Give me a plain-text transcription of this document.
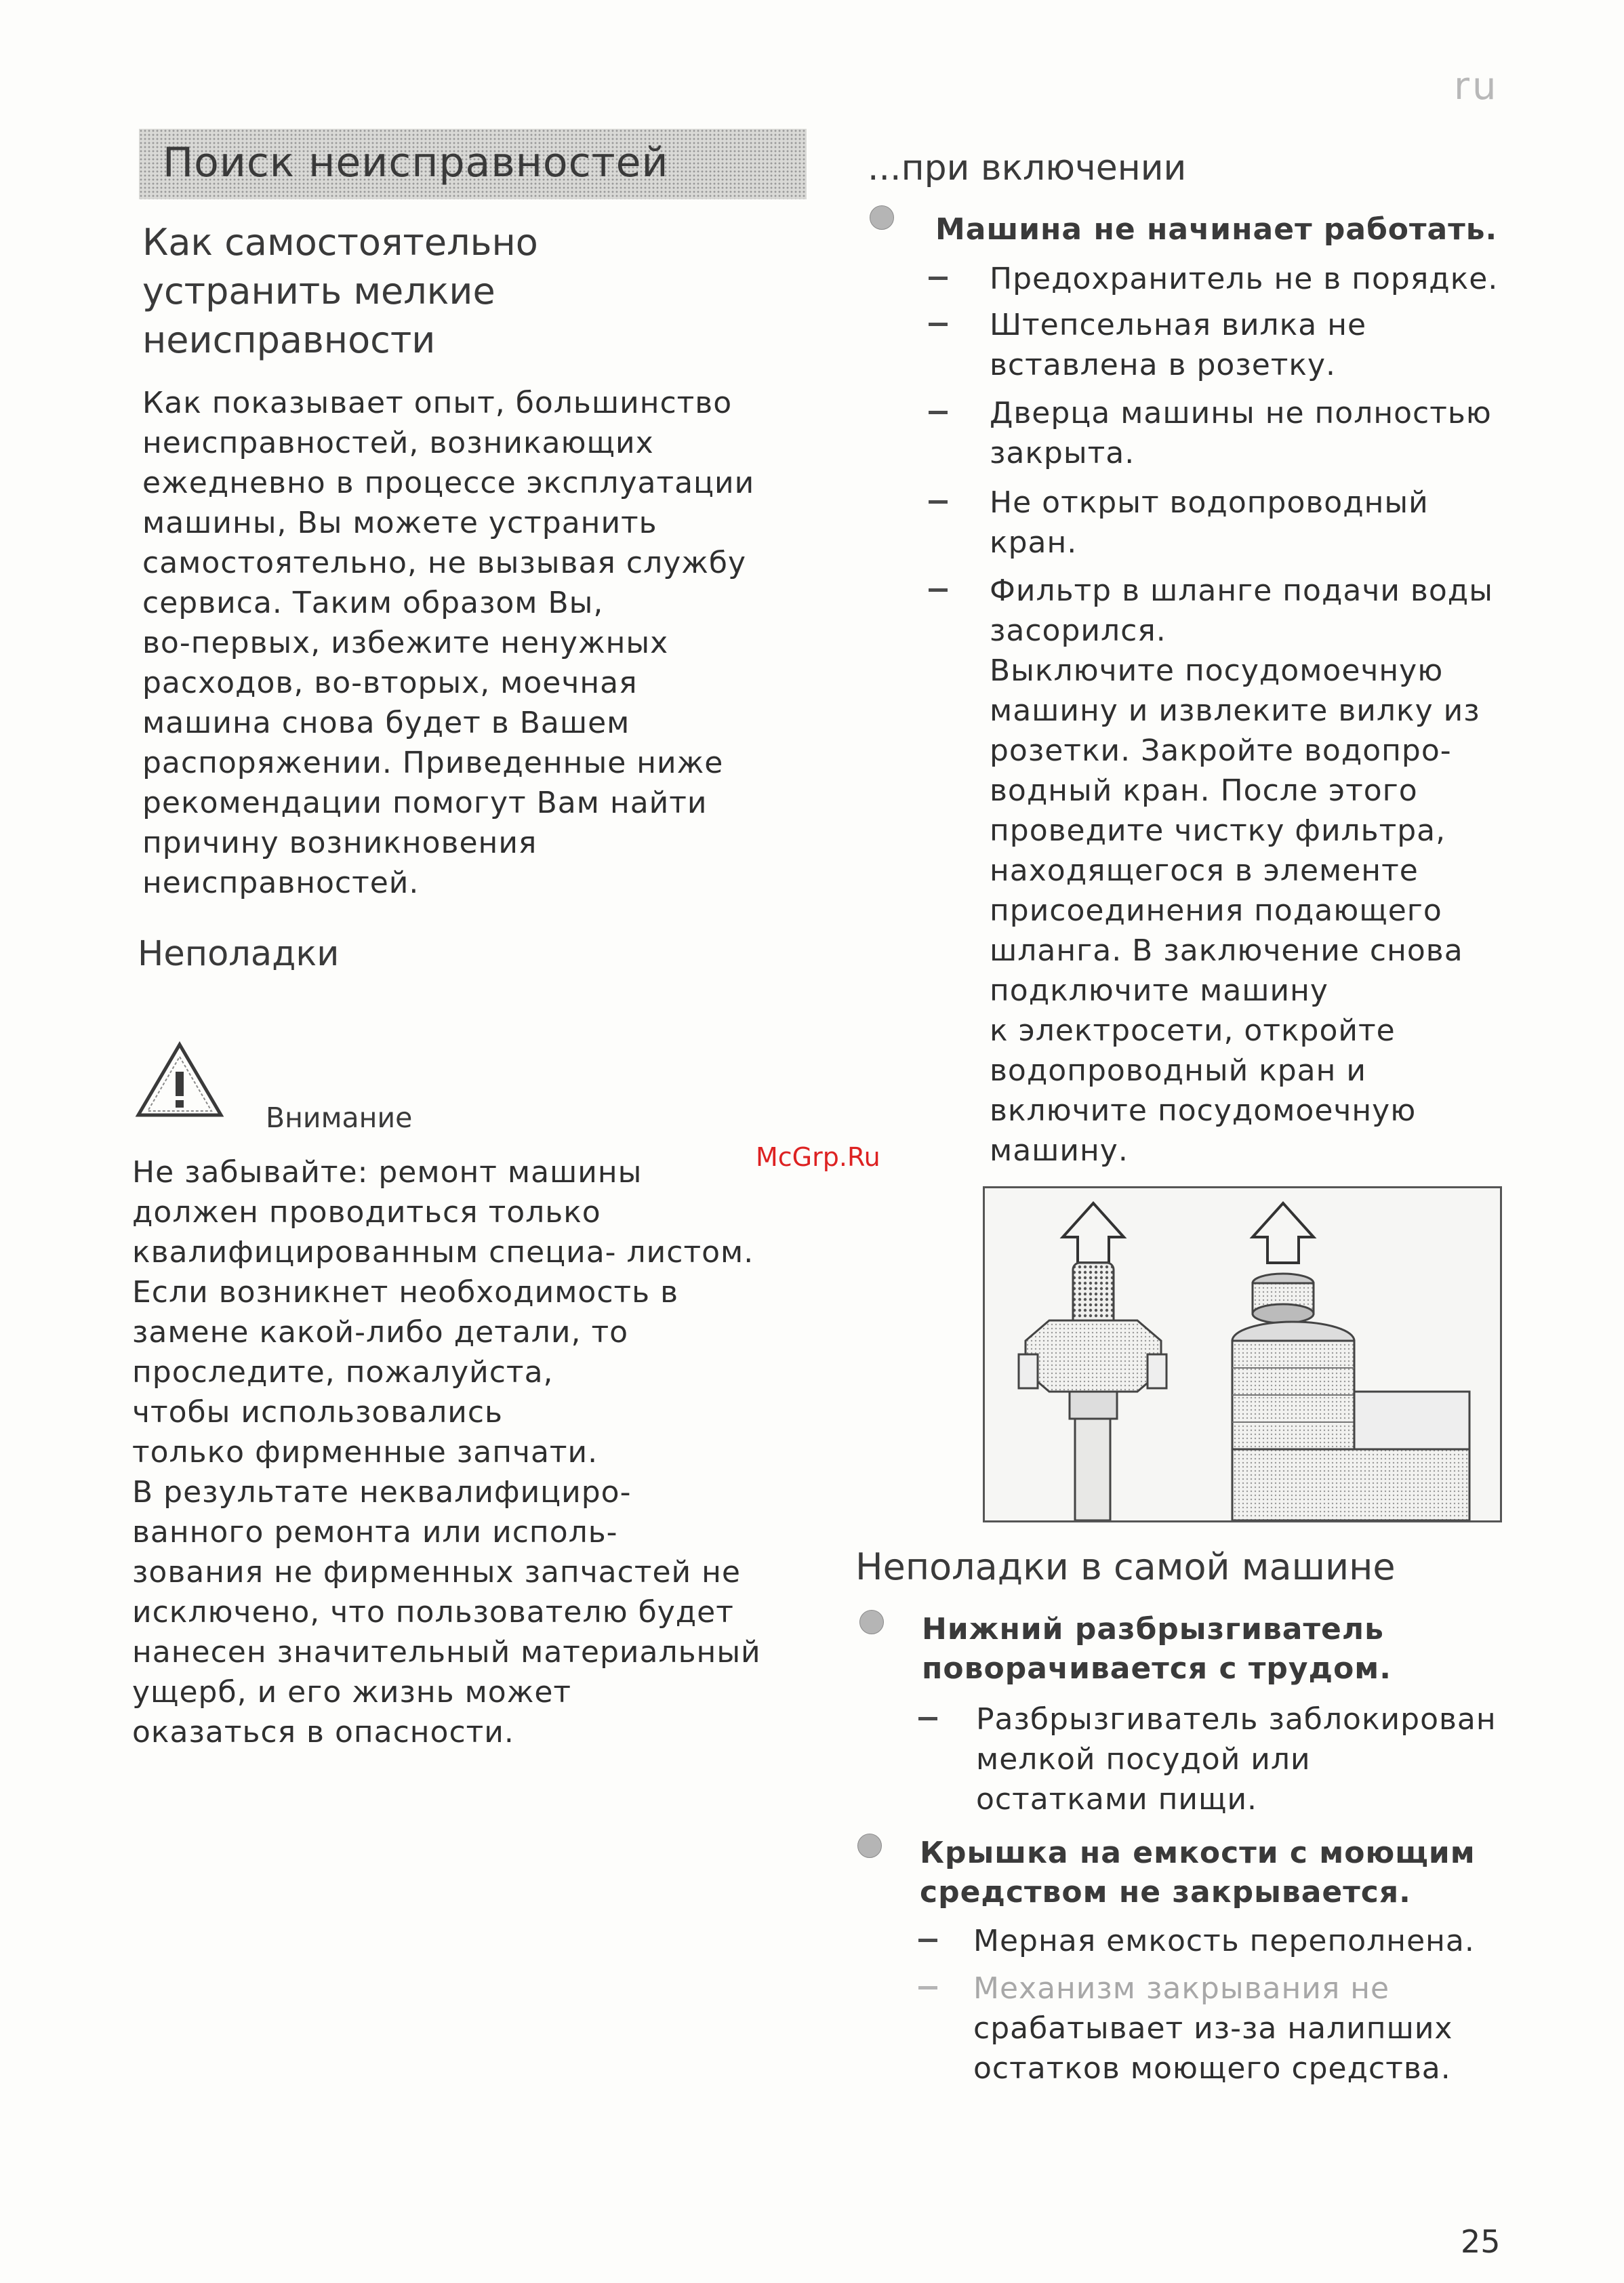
ru
Поиск неисправностей
Как самостоятельно
устранить мелкие
неисправности
Как показывает опыт, большинство
неисправностей, возникающих
ежедневно в процессе эксплуатации
машины, Вы можете устранить
самостоятельно, не вызывая службу
сервиса. Таким образом Вы,
во-первых, избежите ненужных
расходов, во-вторых, моечная
машина снова будет в Вашем
распоряжении. Приведенные ниже
рекомендации помогут Вам найти
причину возникновения
неисправностей.
Неполадки
Внимание
Не забывайте: ремонт машины
должен проводиться только
квалифицированным специа- листом.
Если возникнет необходимость в
замене какой-либо детали, то
проследите, пожалуйста,
чтобы использовались
только фирменные запчати.
В результате неквалифициро-
ванного ремонта или исполь-
зования не фирменных запчастей не
исключено, что пользователю будет
нанесен значительный материальный
ущерб, и его жизнь может
оказаться в опасности.
...при включении
Машина не начинает работать.
Предохранитель не в порядке.
Штепсельная вилка не
вставлена в розетку.
Дверца машины не полностью
закрыта.
Не открыт водопроводный
кран.
Фильтр в шланге подачи воды
засорился.
Выключите посудомоечную
машину и извлеките вилку из
розетки. Закройте водопро-
водный кран. После этого
проведите чистку фильтра,
находящегося в элементе
присоединения подающего
шланга. В заключение снова
подключите машину
к электросети, откройте
водопроводный кран и
включите посудомоечную
машину.
McGrp.Ru
Неполадки в самой машине
Нижний разбрызгиватель
поворачивается с трудом.
Разбрызгиватель заблокирован
мелкой посудой или
остатками пищи.
Крышка на емкости с моющим
средством не закрывается.
Мерная емкость переполнена.
Механизм закрывания не
срабатывает из-за налипших
остатков моющего средства.
25
